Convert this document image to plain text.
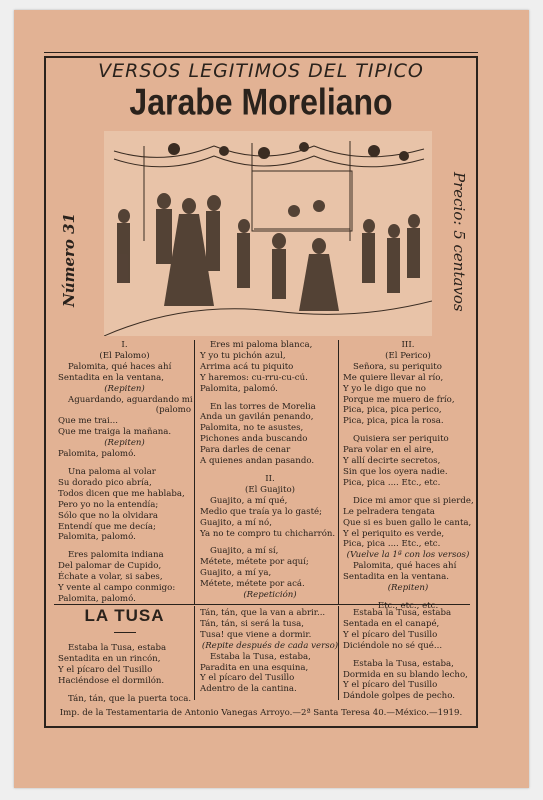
VERSOS LEGITIMOS DEL TIPICO
Jarabe Moreliano
Número 31	Precio: 5 centavos
I.
(El Palomo)
Palomita, qué haces ahí
Sentadita en la ventana,
(Repiten)
Aguardando, aguardando mi
(palomo
Que me trai...
Que me traiga la mañana.
(Repiten)
Palomita, palomó.
Una paloma al volar
Su dorado pico abría,
Todos dicen que me hablaba,
Pero yo no la entendía;
Sólo que no la olvidara
Entendí que me decía;
Palomita, palomó.
Eres palomita indiana
Del palomar de Cupido,
Échate a volar, si sabes,
Y vente al campo conmigo:
Palomita, palomó.
Eres mi paloma blanca,
Y yo tu pichón azul,
Arrima acá tu piquito
Y haremos: cu-rru-cu-cú.
Palomita, palomó.
En las torres de Morelia
Anda un gavilán penando,
Palomita, no te asustes,
Pichones anda buscando
Para darles de cenar
A quienes andan pasando.
II.
(El Guajito)
Guajito, a mí qué,
Medio que traía ya lo gasté;
Guajito, a mí nó,
Ya no te compro tu chicharrón.
Guajito, a mí sí,
Métete, métete por aquí;
Guajito, a mí ya,
Métete, métete por acá.
(Repetición)
III.
(El Perico)
Señora, su periquito
Me quiere llevar al río,
Y yo le digo que no
Porque me muero de frío,
Pica, pica, pica perico,
Pica, pica, pica la rosa.
Quisiera ser periquito
Para volar en el aire,
Y allí decirte secretos,
Sin que los oyera nadie.
Pica, pica .... Etc., etc.
Dice mi amor que si pierde,
Le pelradera tengata
Que si es buen gallo le canta,
Y el periquito es verde,
Pica, pica .... Etc., etc.
(Vuelve la 1ª con los versos)
Palomita, qué haces ahí
Sentadita en la ventana.
(Repiten)
Etc., etc., etc.
LA TUSA
Estaba la Tusa, estaba
Sentadita en un rincón,
Y el pícaro del Tusillo
Haciéndose el dormilón.
Tán, tán, que la puerta toca.
Tán, tán, que la van a abrir...
Tán, tán, si será la tusa,
Tusa! que viene a dormir.
(Repite después de cada verso)
Estaba la Tusa, estaba,
Paradita en una esquina,
Y el pícaro del Tusillo
Adentro de la cantina.
Estaba la Tusa, estaba
Sentada en el canapé,
Y el pícaro del Tusillo
Diciéndole no sé qué...
Estaba la Tusa, estaba,
Dormida en su blando lecho,
Y el pícaro del Tusillo
Dándole golpes de pecho.
Imp. de la Testamentaria de Antonio Vanegas Arroyo.—2ª Santa Teresa 40.—México.—1919.
